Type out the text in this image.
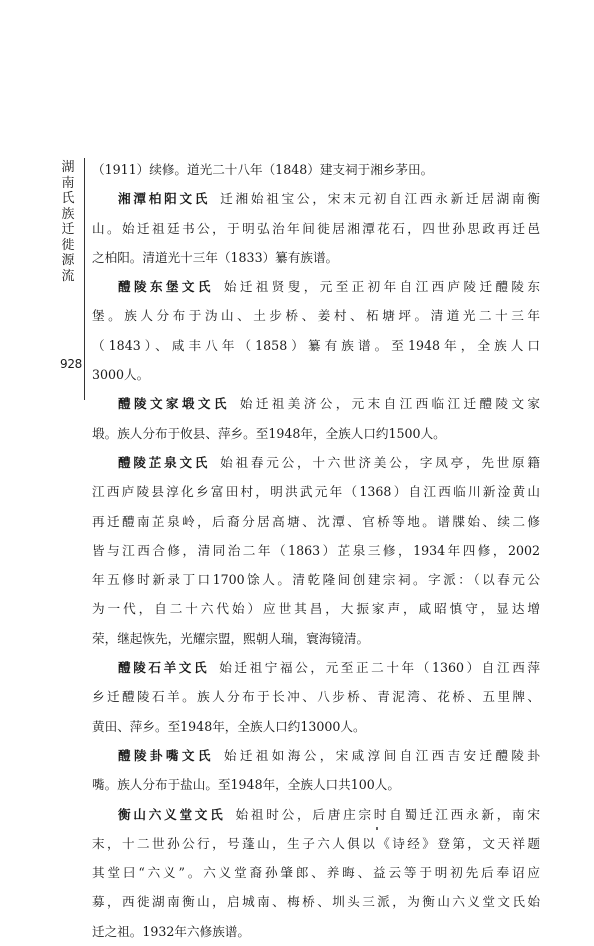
湖
南
氏
族
迁
徙
源
流
928
（1911）续修。道光二十八年（1848）建支祠于湘乡茅田。
湘潭柏阳文氏 迁湘始祖宝公，宋末元初自江西永新迁居湖南衡
山。始迁祖廷书公，于明弘治年间徙居湘潭花石，四世孙思政再迁邑
之柏阳。清道光十三年（1833）纂有族谱。
醴陵东堡文氏 始迁祖贤叟，元至正初年自江西庐陵迁醴陵东
堡。族人分布于沩山、土步桥、姜村、柘塘坪。清道光二十三年
（1843）、咸丰八年（1858）纂有族谱。至1948年，全族人口
3000人。
醴陵文家塅文氏 始迁祖美济公，元末自江西临江迁醴陵文家
塅。族人分布于攸县、萍乡。至1948年，全族人口约1500人。
醴陵芷泉文氏 始祖春元公，十六世济美公，字凤亭，先世原籍
江西庐陵县淳化乡富田村，明洪武元年（1368）自江西临川新淦黄山
再迁醴南芷泉岭，后裔分居高塘、沈潭、官桥等地。谱牒始、续二修
皆与江西合修，清同治二年（1863）芷泉三修，1934年四修，2002
年五修时新录丁口1700馀人。清乾隆间创建宗祠。字派：（以春元公
为一代，自二十六代始）应世其昌，大振家声，咸昭慎守，显达增
荣，继起恢先，光耀宗盟，熙朝人瑞，寰海镜清。
醴陵石羊文氏 始迁祖宁福公，元至正二十年（1360）自江西萍
乡迁醴陵石羊。族人分布于长冲、八步桥、青泥湾、花桥、五里牌、
黄田、萍乡。至1948年，全族人口约13000人。
醴陵卦嘴文氏 始迁祖如海公，宋咸淳间自江西吉安迁醴陵卦
嘴。族人分布于盐山。至1948年，全族人口共100人。
衡山六义堂文氏 始祖时公，后唐庄宗时自蜀迁江西永新，南宋
末，十二世孙公行，号蓬山，生子六人俱以《诗经》登第，文天祥题
其堂曰“六义”。六义堂裔孙肇郎、养晦、益云等于明初先后奉诏应
募，西徙湖南衡山，启城南、梅桥、圳头三派，为衡山六义堂文氏始
迁之祖。1932年六修族谱。
